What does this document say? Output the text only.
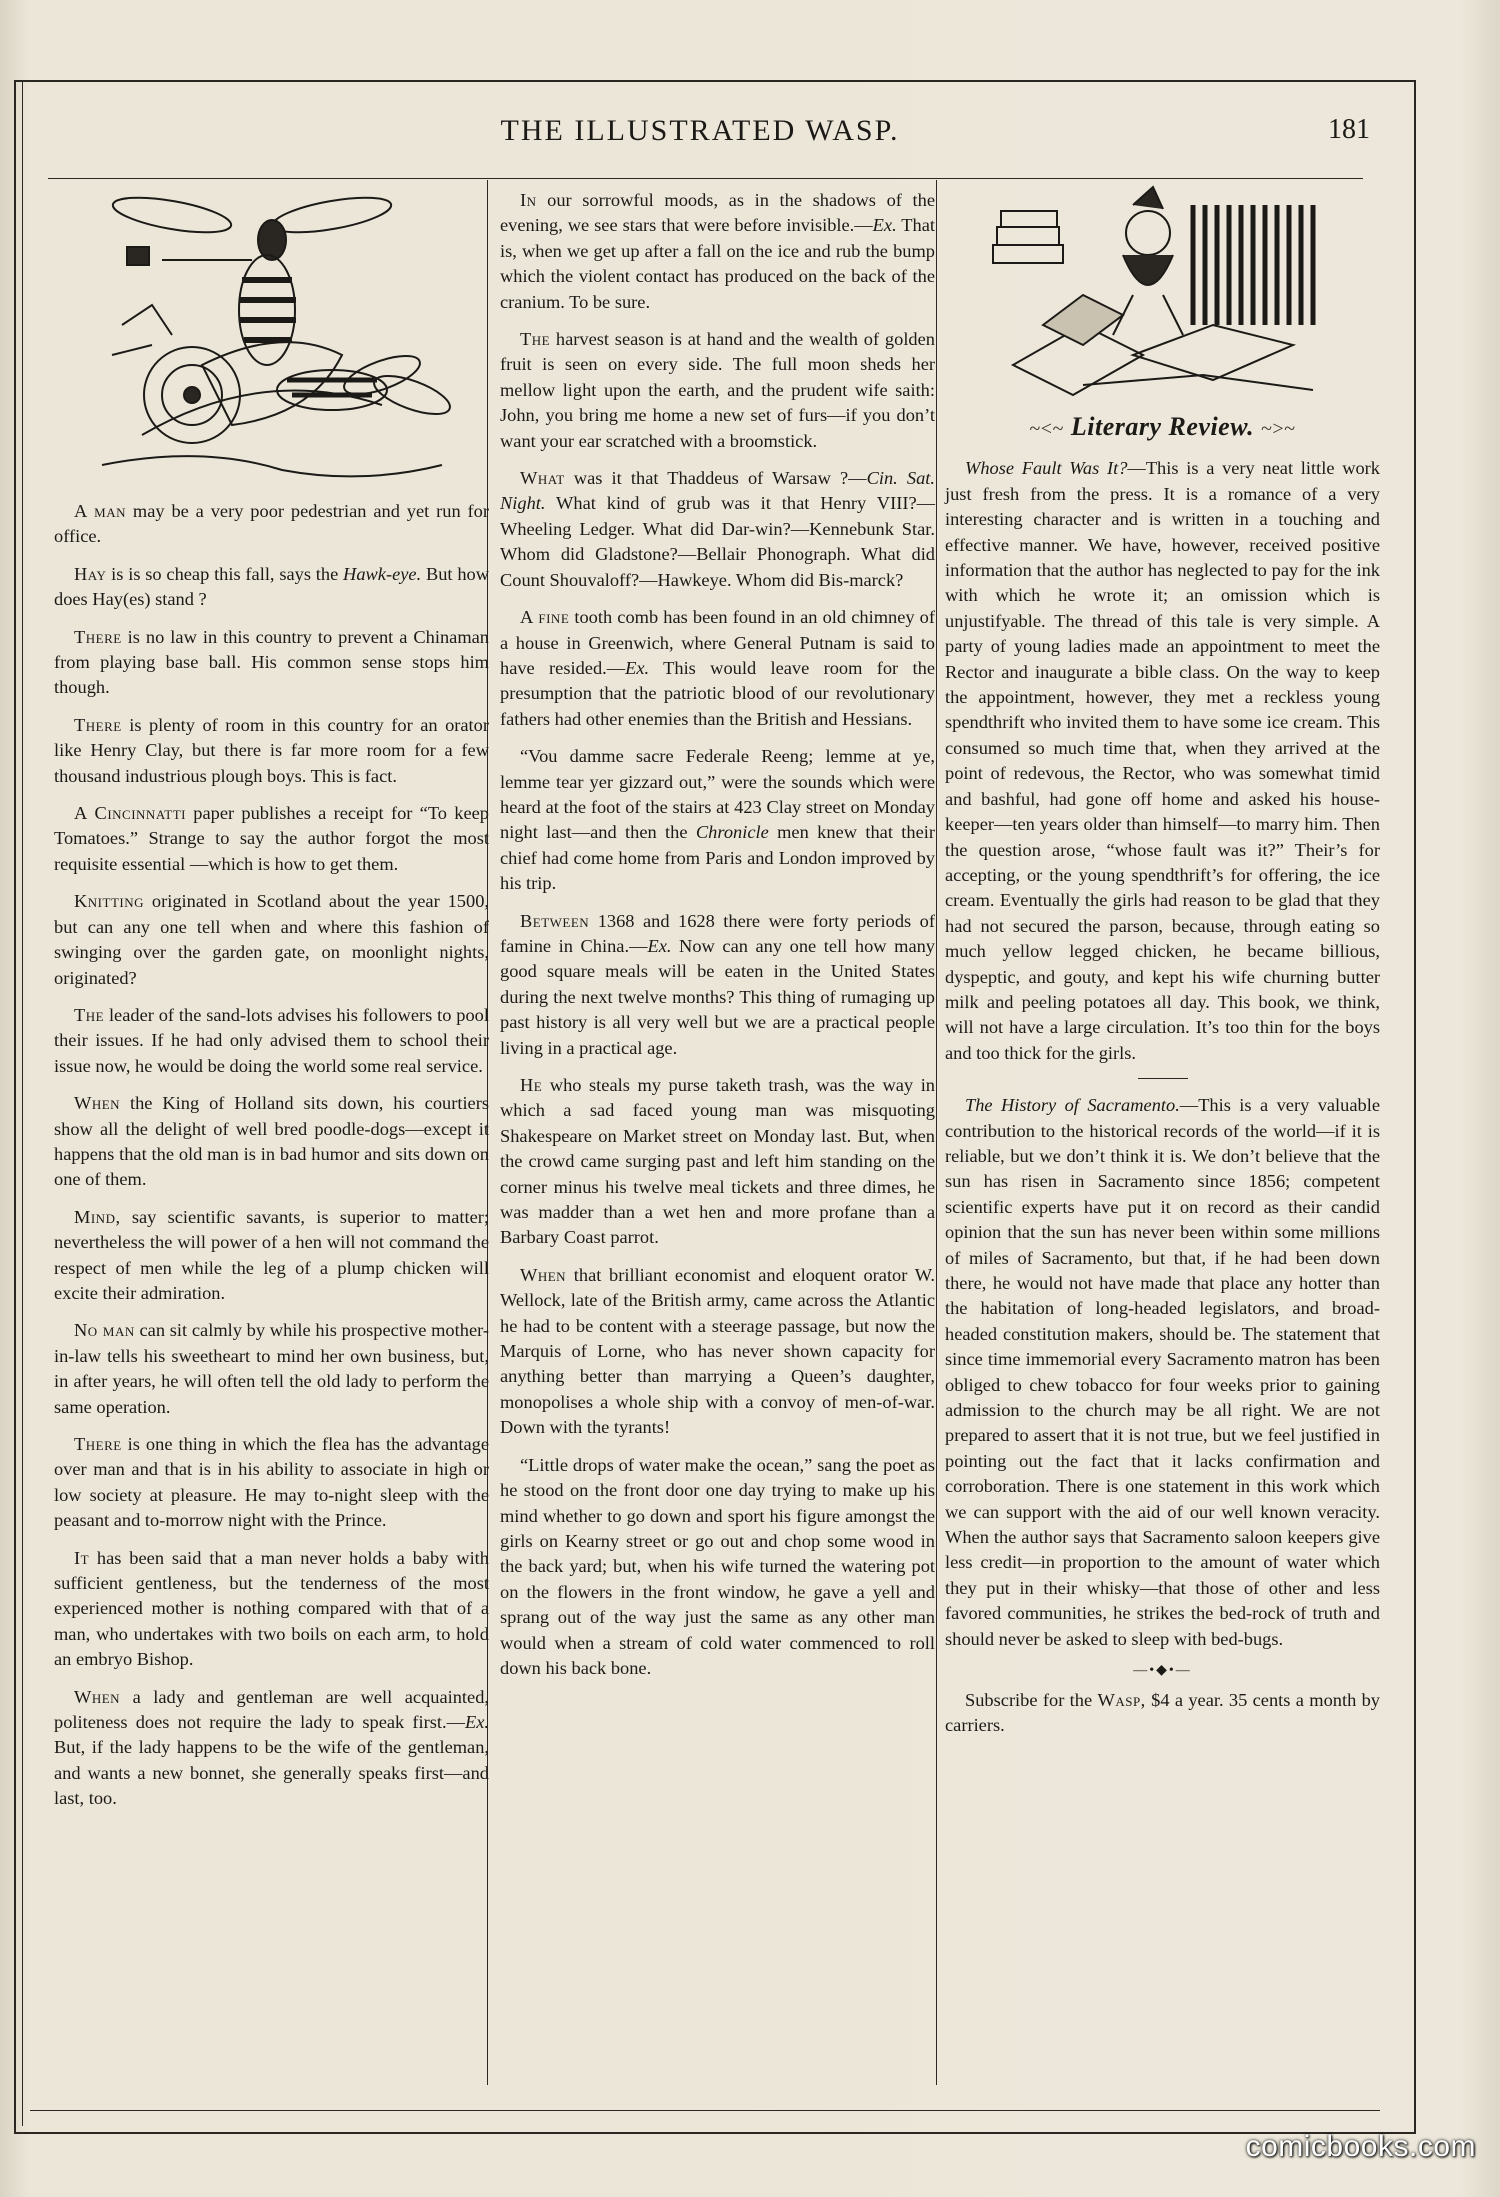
THE ILLUSTRATED WASP.	181

A man may be a very poor pedestrian and yet run for office.

Hay is is so cheap this fall, says the Hawk-eye. But how does Hay(es) stand ?

There is no law in this country to prevent a Chinaman from playing base ball. His common sense stops him though.

There is plenty of room in this country for an orator like Henry Clay, but there is far more room for a few thousand industrious plough boys. This is fact.

A Cincinnatti paper publishes a receipt for “To keep Tomatoes.” Strange to say the author forgot the most requisite essential —which is how to get them.

Knitting originated in Scotland about the year 1500, but can any one tell when and where this fashion of swinging over the garden gate, on moonlight nights, originated?

The leader of the sand-lots advises his followers to pool their issues. If he had only advised them to school their issue now, he would be doing the world some real service.

When the King of Holland sits down, his courtiers show all the delight of well bred poodle-dogs—except it happens that the old man is in bad humor and sits down on one of them.

Mind, say scientific savants, is superior to matter; nevertheless the will power of a hen will not command the respect of men while the leg of a plump chicken will excite their admiration.

No man can sit calmly by while his prospective mother-in-law tells his sweetheart to mind her own business, but, in after years, he will often tell the old lady to perform the same operation.

There is one thing in which the flea has the advantage over man and that is in his ability to associate in high or low society at pleasure. He may to-night sleep with the peasant and to-morrow night with the Prince.

It has been said that a man never holds a baby with sufficient gentleness, but the tenderness of the most experienced mother is nothing compared with that of a man, who undertakes with two boils on each arm, to hold an embryo Bishop.

When a lady and gentleman are well acquainted, politeness does not require the lady to speak first.—Ex. But, if the lady happens to be the wife of the gentleman, and wants a new bonnet, she generally speaks first—and last, too.

In our sorrowful moods, as in the shadows of the evening, we see stars that were before invisible.—Ex. That is, when we get up after a fall on the ice and rub the bump which the violent contact has produced on the back of the cranium. To be sure.

The harvest season is at hand and the wealth of golden fruit is seen on every side. The full moon sheds her mellow light upon the earth, and the prudent wife saith: John, you bring me home a new set of furs—if you don’t want your ear scratched with a broomstick.

What was it that Thaddeus of Warsaw ?—Cin. Sat. Night. What kind of grub was it that Henry VIII?—Wheeling Ledger. What did Dar-win?—Kennebunk Star. Whom did Gladstone?—Bellair Phonograph. What did Count Shouvaloff?—Hawkeye. Whom did Bis-marck?

A fine tooth comb has been found in an old chimney of a house in Greenwich, where General Putnam is said to have resided.—Ex. This would leave room for the presumption that the patriotic blood of our revolutionary fathers had other enemies than the British and Hessians.

“Vou damme sacre Federale Reeng; lemme at ye, lemme tear yer gizzard out,” were the sounds which were heard at the foot of the stairs at 423 Clay street on Monday night last—and then the Chronicle men knew that their chief had come home from Paris and London improved by his trip.

Between 1368 and 1628 there were forty periods of famine in China.—Ex. Now can any one tell how many good square meals will be eaten in the United States during the next twelve months? This thing of rumaging up past history is all very well but we are a practical people living in a practical age.

He who steals my purse taketh trash, was the way in which a sad faced young man was misquoting Shakespeare on Market street on Monday last. But, when the crowd came surging past and left him standing on the corner minus his twelve meal tickets and three dimes, he was madder than a wet hen and more profane than a Barbary Coast parrot.

When that brilliant economist and eloquent orator W. Wellock, late of the British army, came across the Atlantic he had to be content with a steerage passage, but now the Marquis of Lorne, who has never shown capacity for anything better than marrying a Queen’s daughter, monopolises a whole ship with a convoy of men-of-war. Down with the tyrants!

“Little drops of water make the ocean,” sang the poet as he stood on the front door one day trying to make up his mind whether to go down and sport his figure amongst the girls on Kearny street or go out and chop some wood in the back yard; but, when his wife turned the watering pot on the flowers in the front window, he gave a yell and sprang out of the way just the same as any other man would when a stream of cold water commenced to roll down his back bone.

~<~ Literary Review. ~>~

Whose Fault Was It?—This is a very neat little work just fresh from the press. It is a romance of a very interesting character and is written in a touching and effective manner. We have, however, received positive information that the author has neglected to pay for the ink with which he wrote it; an omission which is unjustifyable. The thread of this tale is very simple. A party of young ladies made an appointment to meet the Rector and inaugurate a bible class. On the way to keep the appointment, however, they met a reckless young spendthrift who invited them to have some ice cream. This consumed so much time that, when they arrived at the point of redevous, the Rector, who was somewhat timid and bashful, had gone off home and asked his house-keeper—ten years older than himself—to marry him. Then the question arose, “whose fault was it?” Their’s for accepting, or the young spendthrift’s for offering, the ice cream. Eventually the girls had reason to be glad that they had not secured the parson, because, through eating so much yellow legged chicken, he became billious, dyspeptic, and gouty, and kept his wife churning butter milk and peeling potatoes all day. This book, we think, will not have a large circulation. It’s too thin for the boys and too thick for the girls.

The History of Sacramento.—This is a very valuable contribution to the historical records of the world—if it is reliable, but we don’t think it is. We don’t believe that the sun has risen in Sacramento since 1856; competent scientific experts have put it on record as their candid opinion that the sun has never been within some millions of miles of Sacramento, but that, if he had been down there, he would not have made that place any hotter than the habitation of long-headed legislators, and broad-headed constitution makers, should be. The statement that since time immemorial every Sacramento matron has been obliged to chew tobacco for four weeks prior to gaining admission to the church may be all right. We are not prepared to assert that it is not true, but we feel justified in pointing out the fact that it lacks confirmation and corroboration. There is one statement in this work which we can support with the aid of our well known veracity. When the author says that Sacramento saloon keepers give less credit—in proportion to the amount of water which they put in their whisky—that those of other and less favored communities, he strikes the bed-rock of truth and should never be asked to sleep with bed-bugs.

—•◆•—

Subscribe for the Wasp, $4 a year. 35 cents a month by carriers.

comicbooks.com
